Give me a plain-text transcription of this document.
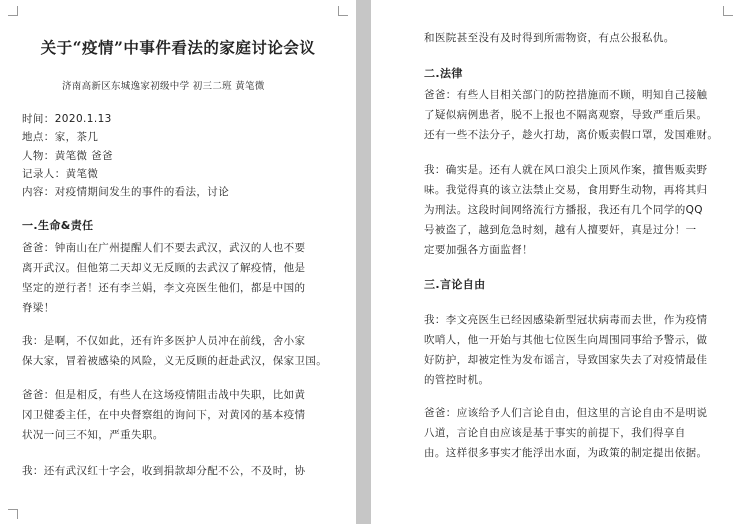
关于“疫情”中事件看法的家庭讨论会议
济南高新区东城逸家初级中学 初三二班 黄笔微
时间：2020.1.13
地点：家，茶几
人物：黄笔微 爸爸
记录人：黄笔微
内容：对疫情期间发生的事件的看法，讨论
一.生命&责任
爸爸：钟南山在广州提醒人们不要去武汉，武汉的人也不要
离开武汉。但他第二天却义无反顾的去武汉了解疫情，他是
坚定的逆行者！还有李兰娟，李文亮医生他们，都是中国的
脊梁！
我：是啊，不仅如此，还有许多医护人员冲在前线，舍小家
保大家，冒着被感染的风险，义无反顾的赶赴武汉，保家卫国。
爸爸：但是相反，有些人在这场疫情阻击战中失职，比如黄
冈卫健委主任，在中央督察组的询问下，对黄冈的基本疫情
状况一问三不知，严重失职。
我：还有武汉红十字会，收到捐款却分配不公，不及时，协
和医院甚至没有及时得到所需物资，有点公报私仇。
二.法律
爸爸：有些人目相关部门的防控措施而不顾，明知自己接触
了疑似病例患者，脱不上报也不隔离观察，导致严重后果。
还有一些不法分子，趁火打劫，离价贩卖假口罩，发国难财。
我：确实是。还有人就在风口浪尖上顶风作案，擅售贩卖野
味。我觉得真的该立法禁止交易，食用野生动物，再将其归
为刑法。这段时间网络流行方播报，我还有几个同学的QQ
号被盗了，越到危急时刻，越有人擅要奸，真是过分！一
定要加强各方面监督！
三.言论自由
我：李文亮医生已经因感染新型冠状病毒而去世，作为疫情
吹哨人，他一开始与其他七位医生向周围同事给予警示，做
好防护，却被定性为发布谣言，导致国家失去了对疫情最佳
的管控时机。
爸爸：应该给予人们言论自由，但这里的言论自由不是明说
八道，言论自由应该是基于事实的前提下，我们得享自
由。这样很多事实才能浮出水面，为政策的制定提出依据。
